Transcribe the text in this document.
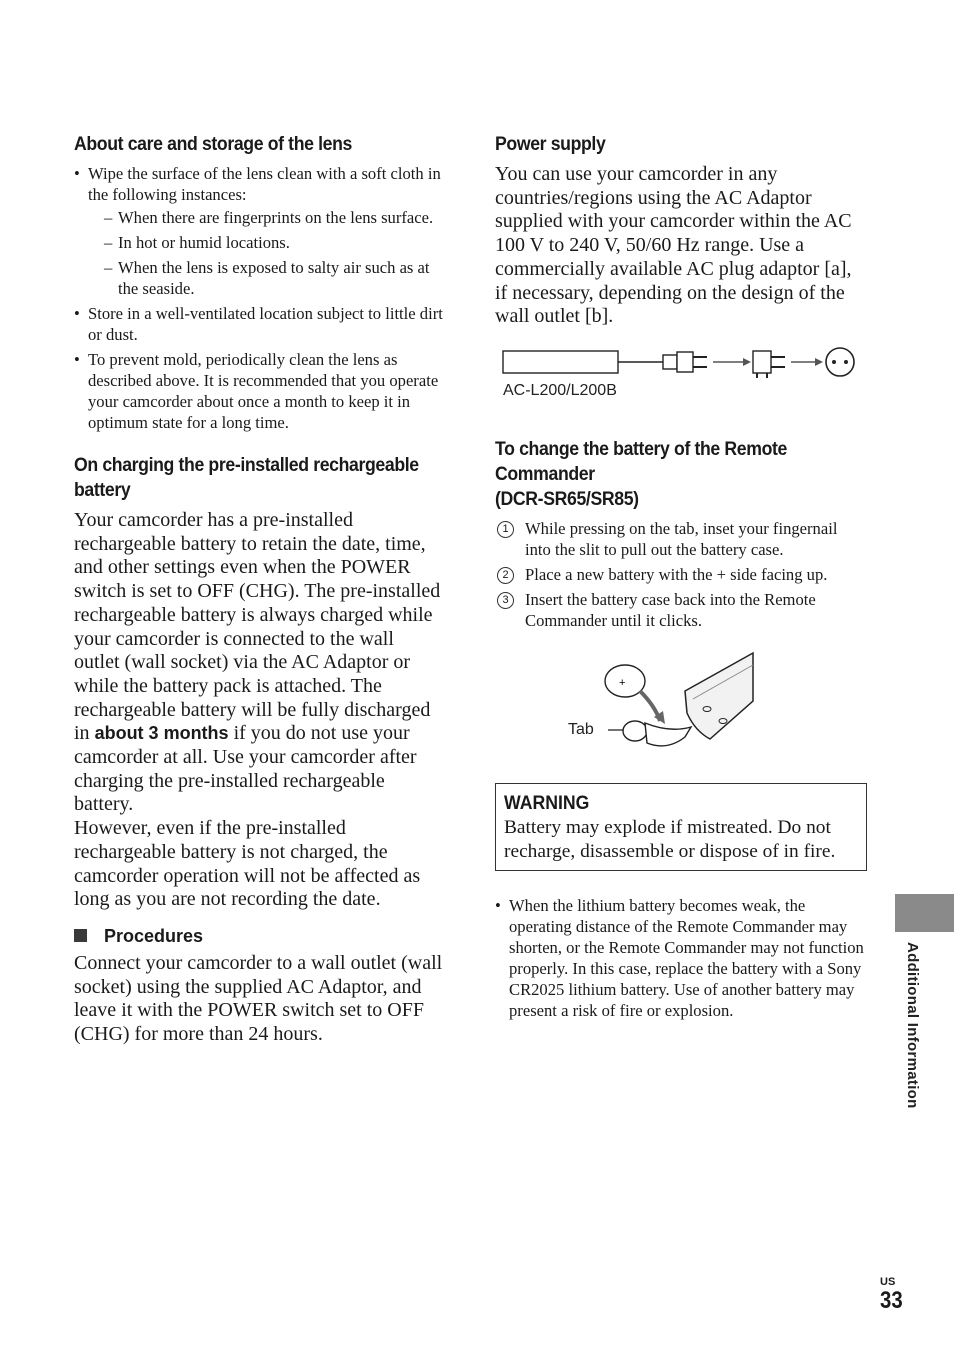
About care and storage of the lens
• Wipe the surface of the lens clean with a soft cloth in the following instances:
– When there are fingerprints on the lens surface.
– In hot or humid locations.
– When the lens is exposed to salty air such as at the seaside.
• Store in a well-ventilated location subject to little dirt or dust.
• To prevent mold, periodically clean the lens as described above. It is recommended that you operate your camcorder about once a month to keep it in optimum state for a long time.
On charging the pre-installed rechargeable
battery

Your camcorder has a pre-installed rechargeable battery to retain the date, time, and other settings even when the POWER switch is set to OFF (CHG). The pre-installed rechargeable battery is always charged while your camcorder is connected to the wall outlet (wall socket) via the AC Adaptor or while the battery pack is attached. The rechargeable battery will be fully discharged in about 3 months if you do not use your camcorder at all. Use your camcorder after charging the pre-installed rechargeable battery.

However, even if the pre-installed rechargeable battery is not charged, the camcorder operation will not be affected as long as you are not recording the date.

Procedures

Connect your camcorder to a wall outlet (wall socket) using the supplied AC Adaptor, and leave it with the POWER switch set to OFF (CHG) for more than 24 hours.

Power supply

You can use your camcorder in any countries/regions using the AC Adaptor supplied with your camcorder within the AC 100 V to 240 V, 50/60 Hz range. Use a commercially available AC plug adaptor [a], if necessary, depending on the design of the wall outlet [b].

AC-L200/L200B
To change the battery of the Remote
Commander
(DCR-SR65/SR85)
1 While pressing on the tab, inset your fingernail into the slit to pull out the battery case.
2 Place a new battery with the + side facing up.
3 Insert the battery case back into the Remote Commander until it clicks.
Tab
+
WARNING
Battery may explode if mistreated. Do not recharge, disassemble or dispose of in fire.
• When the lithium battery becomes weak, the operating distance of the Remote Commander may shorten, or the Remote Commander may not function properly. In this case, replace the battery with a Sony CR2025 lithium battery. Use of another battery may present a risk of fire or explosion.	Additional Information
US
33
